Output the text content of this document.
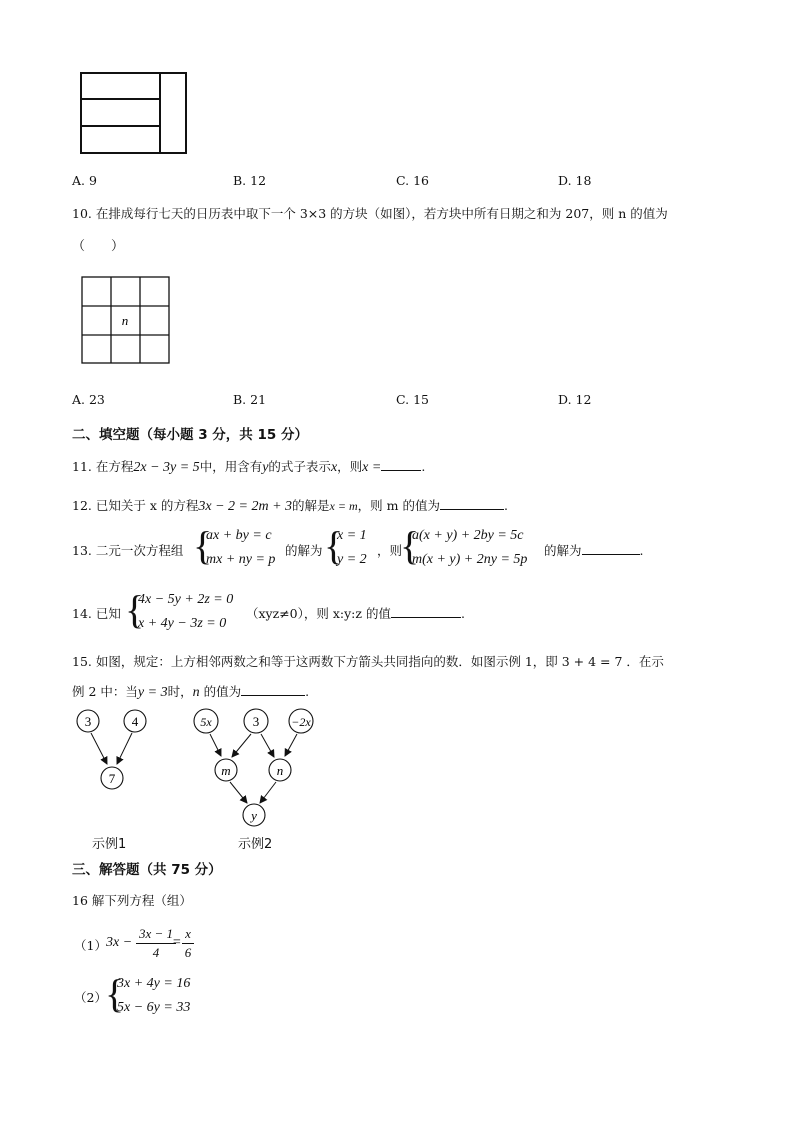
A. 9	B. 12	C. 16	D. 18
10. 在排成每行七天的日历表中取下一个 3×3 的方块（如图），若方块中所有日期之和为 207，则 n 的值为
（　　）
n
A. 23	B. 21	C. 15	D. 12
二、填空题（每小题 3 分，共 15 分）
11. 在方程2x − 3y = 5中，用含有y的式子表示x，则x =	.
12. 已知关于 x 的方程3x − 2 = 2m + 3的解是x = m，则 m 的值为	.
13. 二元一次方程组 {
ax + by = c
mx + ny = p
的解为 {
x = 1
y = 2
，则
{
a(x + y) + 2by = 5c
m(x + y) + 2ny = 5p
的解为	.
14. 已知 {
4x − 5y + 2z = 0
x + 4y − 3z = 0
（xyz≠0），则 x:y:z 的值	.
15. 如图，规定：上方相邻两数之和等于这两数下方箭头共同指向的数．如图示例 1，即 3 + 4 = 7 ．在示
例 2 中：当y = 3时，n 的值为	.
3	4
7
示例1
5x	3	−2x
m	n
y
示例2
三、解答题（共 75 分）
16 解下列方程（组）
（1） 3x −
3x − 1
4
=
x
6
（2）
{
3x + 4y = 16
5x − 6y = 33
